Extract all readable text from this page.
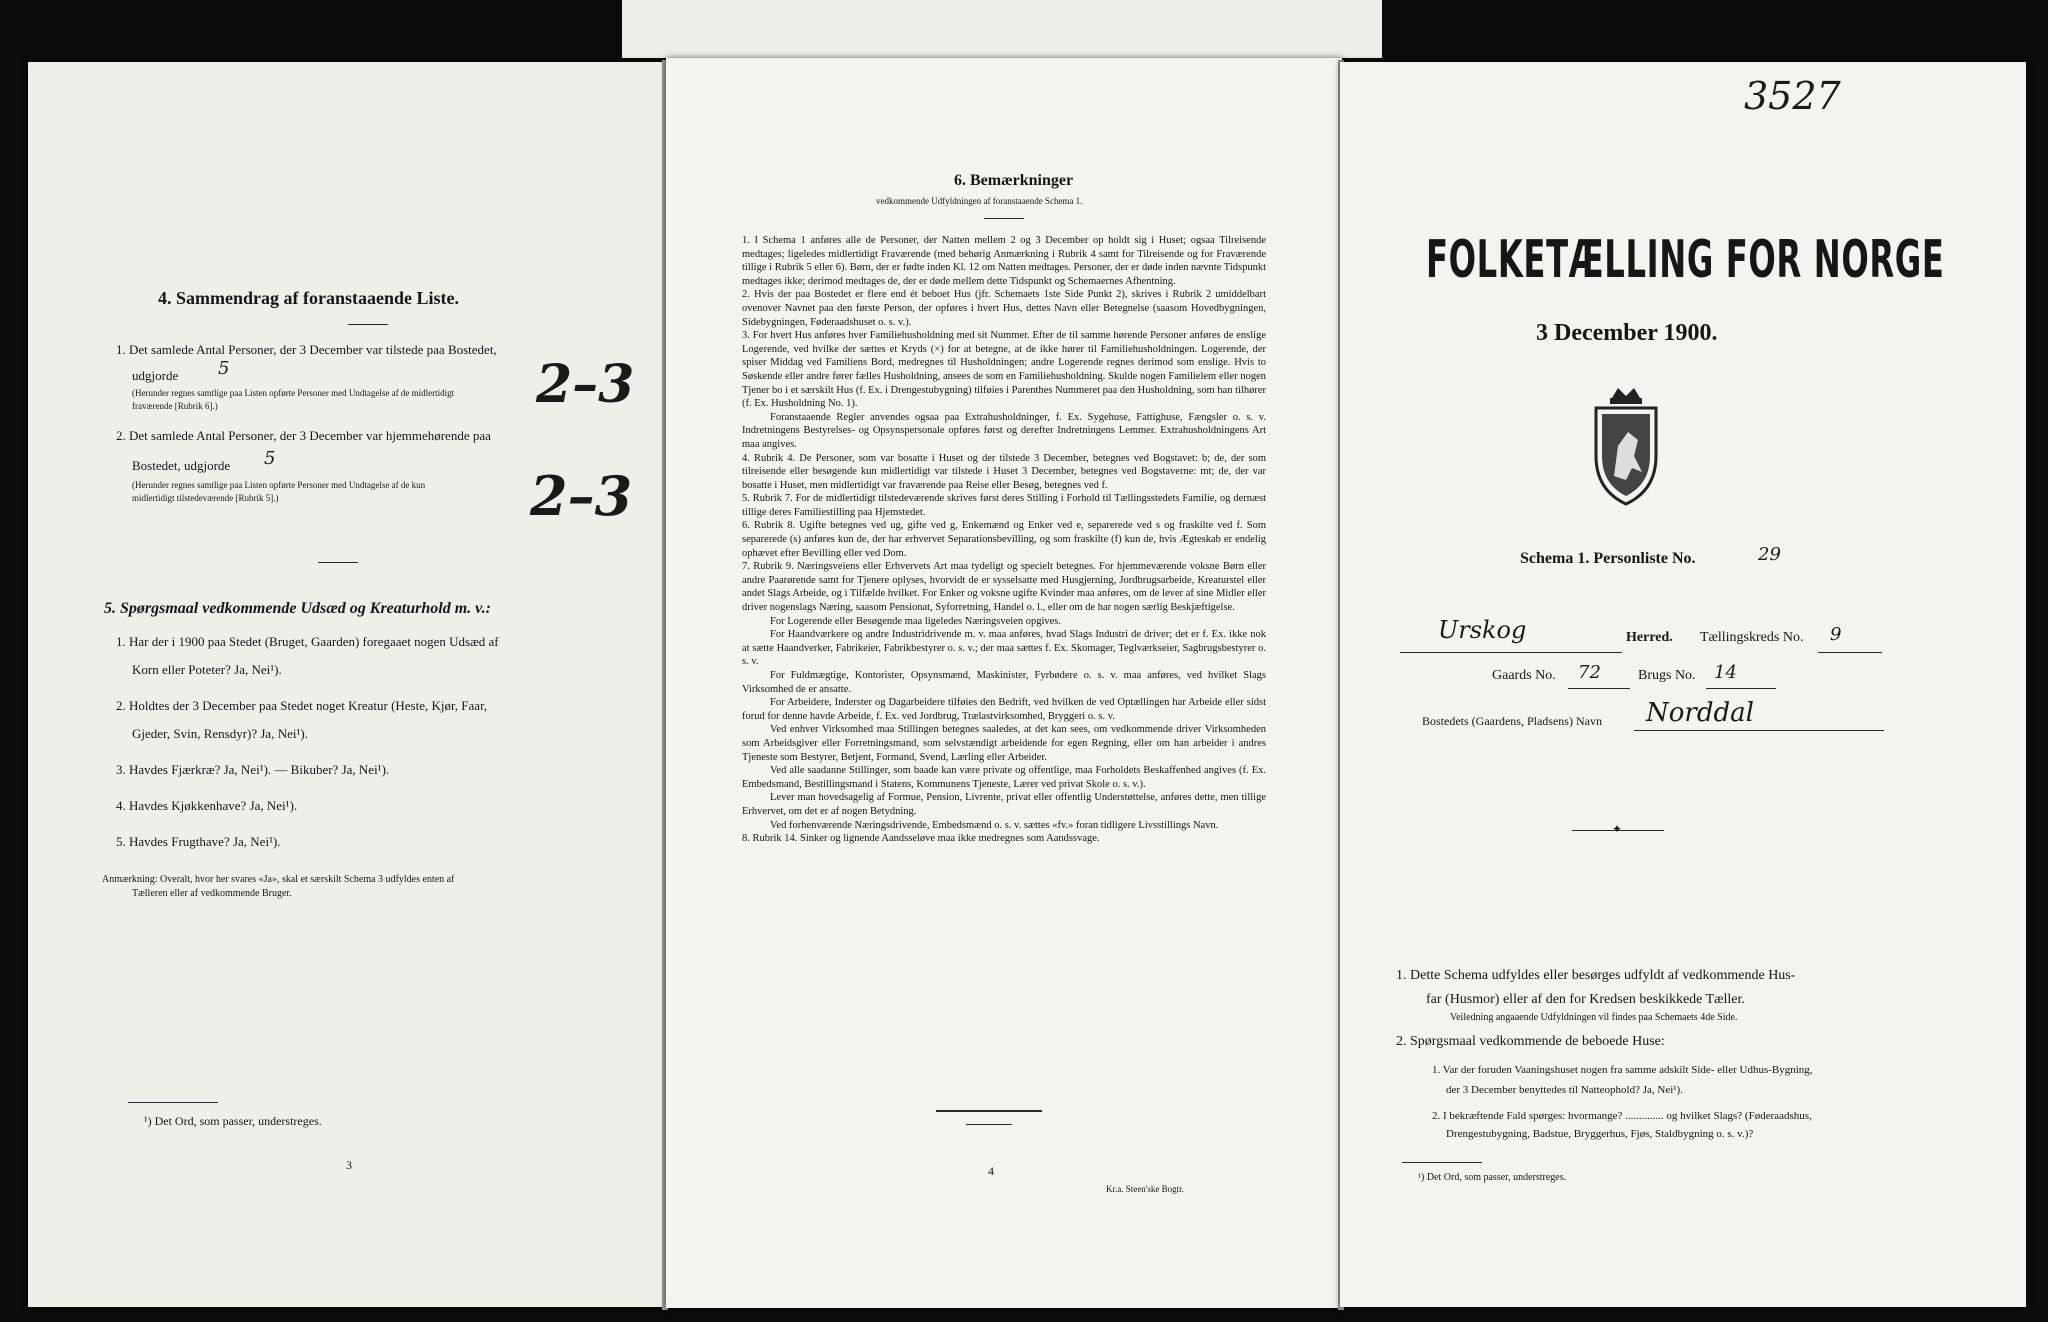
4. Sammendrag af foranstaaende Liste.
1. Det samlede Antal Personer, der 3 December var tilstede paa Bostedet,
udgjorde 5
(Herunder regnes samtlige paa Listen opførte Personer med Undtagelse af de midlertidigt
fraværende [Rubrik 6].)	2–3
2. Det samlede Antal Personer, der 3 December var hjemmehørende paa
Bostedet, udgjorde 5
(Herunder regnes samtlige paa Listen opførte Personer med Undtagelse af de kun
midlertidigt tilstedeværende [Rubrik 5].)	2–3
5. Spørgsmaal vedkommende Udsæd og Kreaturhold m. v.:
1. Har der i 1900 paa Stedet (Bruget, Gaarden) foregaaet nogen Udsæd af
Korn eller Poteter? Ja, Nei¹).
2. Holdtes der 3 December paa Stedet noget Kreatur (Heste, Kjør, Faar,
Gjeder, Svin, Rensdyr)? Ja, Nei¹).
3. Havdes Fjærkræ? Ja, Nei¹). — Bikuber? Ja, Nei¹).
4. Havdes Kjøkkenhave? Ja, Nei¹).
5. Havdes Frugthave? Ja, Nei¹).
Anmærkning: Overalt, hvor her svares «Ja», skal et særskilt Schema 3 udfyldes enten af
Tælleren eller af vedkommende Bruger.
¹) Det Ord, som passer, understreges.
3
6. Bemærkninger
vedkommende Udfyldningen af foranstaaende Schema 1.
1. I Schema 1 anføres alle de Personer, der Natten mellem 2 og 3 December op holdt sig i Huset; ogsaa Tilreisende medtages; ligeledes midlertidigt Fraværende (med behørig Anmærkning i Rubrik 4 samt for Tilreisende og for Fraværende tillige i Rubrik 5 eller 6). Børn, der er fødte inden Kl. 12 om Natten medtages. Personer, der er døde inden nævnte Tidspunkt medtages ikke; derimod medtages de, der er døde mellem dette Tidspunkt og Schemaernes Afhentning.
2. Hvis der paa Bostedet er flere end ét beboet Hus (jfr. Schemaets 1ste Side Punkt 2), skrives i Rubrik 2 umiddelbart ovenover Navnet paa den første Person, der opføres i hvert Hus, dettes Navn eller Betegnelse (saasom Hovedbygningen, Sidebygningen, Føderaadshuset o. s. v.).
3. For hvert Hus anføres hver Familiehusholdning med sit Nummer. Efter de til samme hørende Personer anføres de enslige Logerende, ved hvilke der sættes et Kryds (×) for at betegne, at de ikke hører til Familiehusholdningen. Logerende, der spiser Middag ved Familiens Bord, medregnes til Husholdningen; andre Logerende regnes derimod som enslige. Hvis to Søskende eller andre fører fælles Husholdning, ansees de som en Familiehusholdning. Skulde nogen Familielem eller nogen Tjener bo i et særskilt Hus (f. Ex. i Drengestubygning) tilføies i Parenthes Nummeret paa den Husholdning, som han tilhører (f. Ex. Husholdning No. 1).
Foranstaaende Regler anvendes ogsaa paa Extrahusholdninger, f. Ex. Sygehuse, Fattighuse, Fængsler o. s. v. Indretningens Bestyrelses- og Opsynspersonale opføres først og derefter Indretningens Lemmer. Extrahusholdningens Art maa angives.
4. Rubrik 4. De Personer, som var bosatte i Huset og der tilstede 3 December, betegnes ved Bogstavet: b; de, der som tilreisende eller besøgende kun midlertidigt var tilstede i Huset 3 December, betegnes ved Bogstaverne: mt; de, der var bosatte i Huset, men midlertidigt var fraværende paa Reise eller Besøg, betegnes ved f.
5. Rubrik 7. For de midlertidigt tilstedeværende skrives først deres Stilling i Forhold til Tællingsstedets Familie, og dernæst tillige deres Familiestilling paa Hjemstedet.
6. Rubrik 8. Ugifte betegnes ved ug, gifte ved g, Enkemænd og Enker ved e, separerede ved s og fraskilte ved f. Som separerede (s) anføres kun de, der har erhvervet Separationsbevilling, og som fraskilte (f) kun de, hvis Ægteskab er endelig ophævet efter Bevilling eller ved Dom.
7. Rubrik 9. Næringsveiens eller Erhvervets Art maa tydeligt og specielt betegnes. For hjemmeværende voksne Børn eller andre Paarørende samt for Tjenere oplyses, hvorvidt de er sysselsatte med Husgjerning, Jordbrugsarbeide, Kreaturstel eller andet Slags Arbeide, og i Tilfælde hvilket. For Enker og voksne ugifte Kvinder maa anføres, om de lever af sine Midler eller driver nogenslags Næring, saasom Pensionat, Syforretning, Handel o. l., eller om de har nogen særlig Beskjæftigelse.
For Logerende eller Besøgende maa ligeledes Næringsveien opgives.
For Haandværkere og andre Industridrivende m. v. maa anføres, hvad Slags Industri de driver; det er f. Ex. ikke nok at sætte Haandverker, Fabrikeier, Fabrikbestyrer o. s. v.; der maa sættes f. Ex. Skomager, Teglværkseier, Sagbrugsbestyrer o. s. v.
For Fuldmægtige, Kontorister, Opsynsmænd, Maskinister, Fyrbødere o. s. v. maa anføres, ved hvilket Slags Virksomhed de er ansatte.
For Arbeidere, Inderster og Dagarbeidere tilføies den Bedrift, ved hvilken de ved Optællingen har Arbeide eller sidst forud for denne havde Arbeide, f. Ex. ved Jordbrug, Trælastvirksomhed, Bryggeri o. s. v.
Ved enhver Virksomhed maa Stillingen betegnes saaledes, at det kan sees, om vedkommende driver Virksomheden som Arbeidsgiver eller Forretningsmand, som selvstændigt arbeidende for egen Regning, eller om han arbeider i andres Tjeneste som Bestyrer, Betjent, Formand, Svend, Lærling eller Arbeider.
Ved alle saadanne Stillinger, som baade kan være private og offentlige, maa Forholdets Beskaffenhed angives (f. Ex. Embedsmand, Bestillingsmand i Statens, Kommunens Tjeneste, Lærer ved privat Skole o. s. v.).
Lever man hovedsagelig af Formue, Pension, Livrente, privat eller offentlig Understøttelse, anføres dette, men tillige Erhvervet, om det er af nogen Betydning.
Ved forhenværende Næringsdrivende, Embedsmænd o. s. v. sættes «fv.» foran tidligere Livsstillings Navn.
8. Rubrik 14. Sinker og lignende Aandsseløve maa ikke medregnes som Aandssvage.
4
Kr.a. Steen'ske Bogtr.
3527
FOLKETÆLLING FOR NORGE
3 December 1900.
Schema 1. Personliste No.	29
Urskog	Herred. Tællingskreds No. 9
Gaards No. 72	Brugs No. 14
Bostedets (Gaardens, Pladsens) Navn Norddal
✦
1. Dette Schema udfyldes eller besørges udfyldt af vedkommende Hus-
far (Husmor) eller af den for Kredsen beskikkede Tæller.
Veiledning angaaende Udfyldningen vil findes paa Schemaets 4de Side.
2. Spørgsmaal vedkommende de beboede Huse:
1. Var der foruden Vaaningshuset nogen fra samme adskilt Side- eller Udhus-Bygning,
der 3 December benyttedes til Natteophold? Ja, Nei¹).
2. I bekræftende Fald spørges: hvormange? .............. og hvilket Slags? (Føderaadshus,
Drengestubygning, Badstue, Bryggerhus, Fjøs, Staldbygning o. s. v.)?
¹) Det Ord, som passer, understreges.
